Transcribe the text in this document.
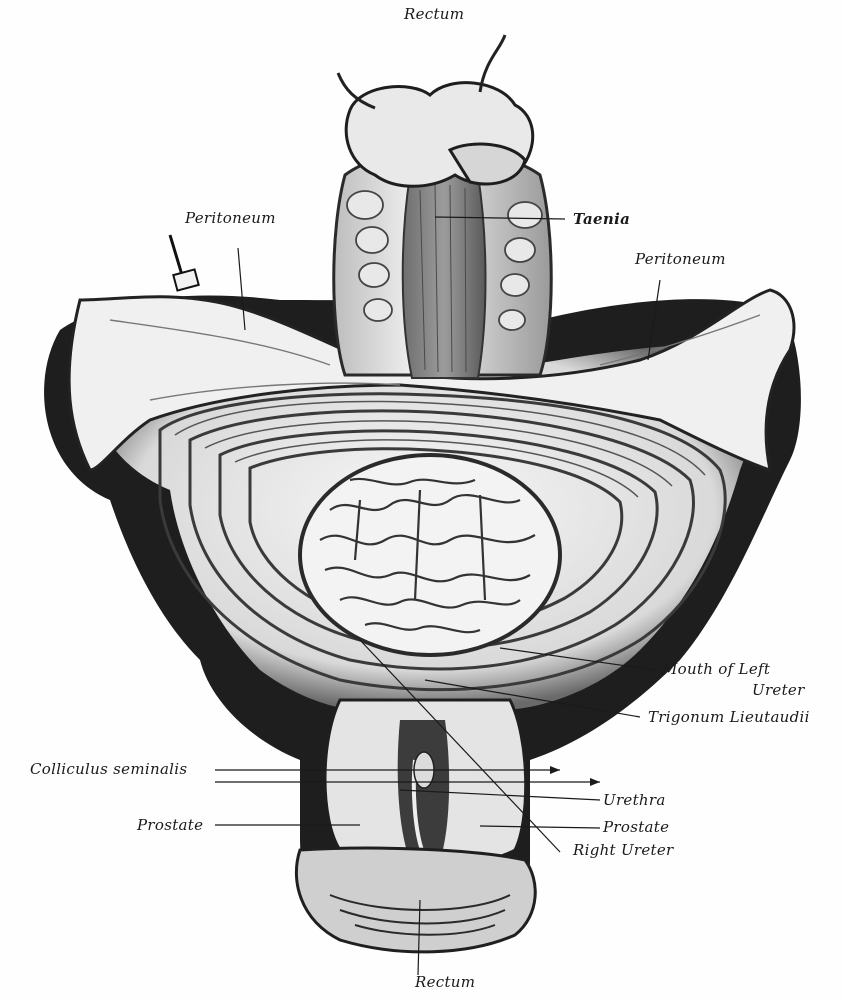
Rectum
Peritoneum	Taenia
Peritoneum
Mouth of Left
Ureter
Trigonum Lieutaudii
Colliculus seminalis
Urethra
Prostate	Prostate
Right Ureter
Rectum
